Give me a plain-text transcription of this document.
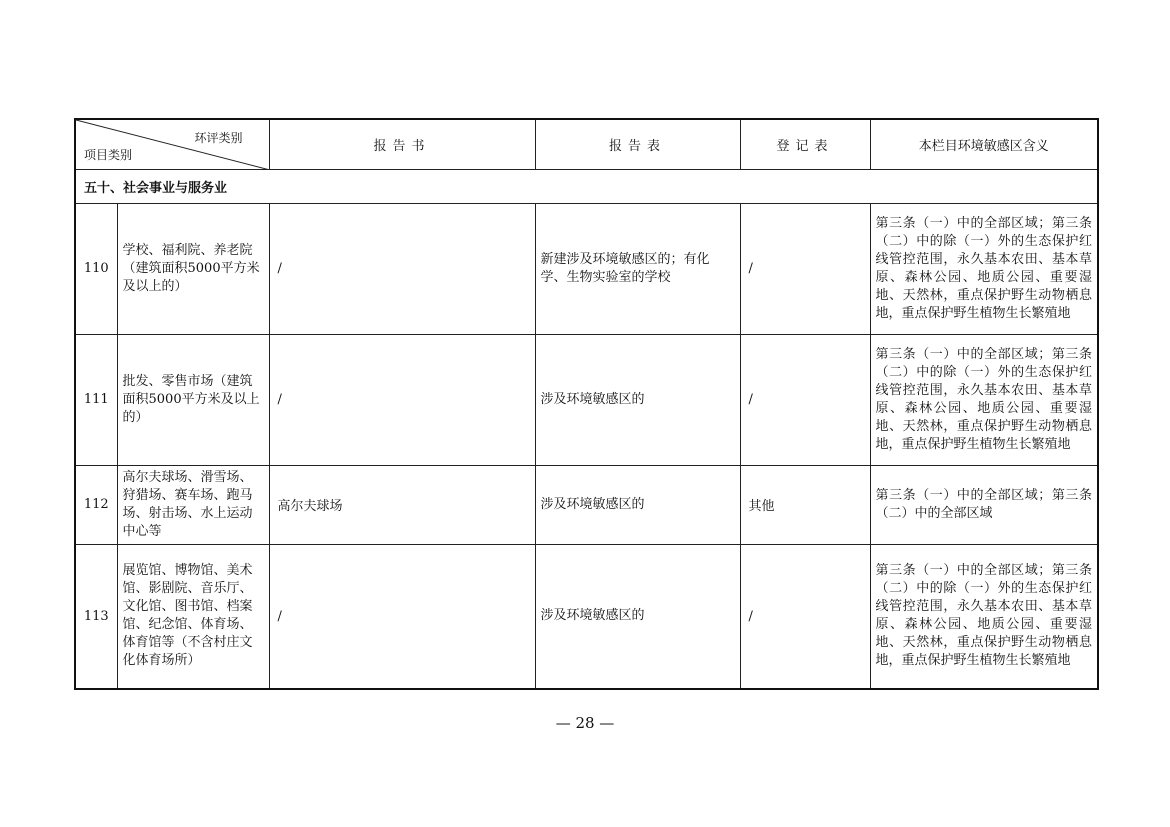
环评类别
项目类别		报告书	报告表	登记表	本栏目环境敏感区含义
五十、社会事业与服务业					
110	学校、福利院、养老院（建筑面积5000平方米及以上的）	/	新建涉及环境敏感区的；有化学、生物实验室的学校	/	第三条（一）中的全部区域；第三条（二）中的除（一）外的生态保护红线管控范围，永久基本农田、基本草原、森林公园、地质公园、重要湿地、天然林，重点保护野生动物栖息地，重点保护野生植物生长繁殖地
111	批发、零售市场（建筑面积5000平方米及以上的）	/	涉及环境敏感区的	/	第三条（一）中的全部区域；第三条（二）中的除（一）外的生态保护红线管控范围，永久基本农田、基本草原、森林公园、地质公园、重要湿地、天然林，重点保护野生动物栖息地，重点保护野生植物生长繁殖地
112	高尔夫球场、滑雪场、狩猎场、赛车场、跑马场、射击场、水上运动中心等	高尔夫球场	涉及环境敏感区的	其他	第三条（一）中的全部区域；第三条（二）中的全部区域
113	展览馆、博物馆、美术馆、影剧院、音乐厅、文化馆、图书馆、档案馆、纪念馆、体育场、体育馆等（不含村庄文化体育场所）	/	涉及环境敏感区的	/	第三条（一）中的全部区域；第三条（二）中的除（一）外的生态保护红线管控范围，永久基本农田、基本草原、森林公园、地质公园、重要湿地、天然林，重点保护野生动物栖息地，重点保护野生植物生长繁殖地
— 28 —
